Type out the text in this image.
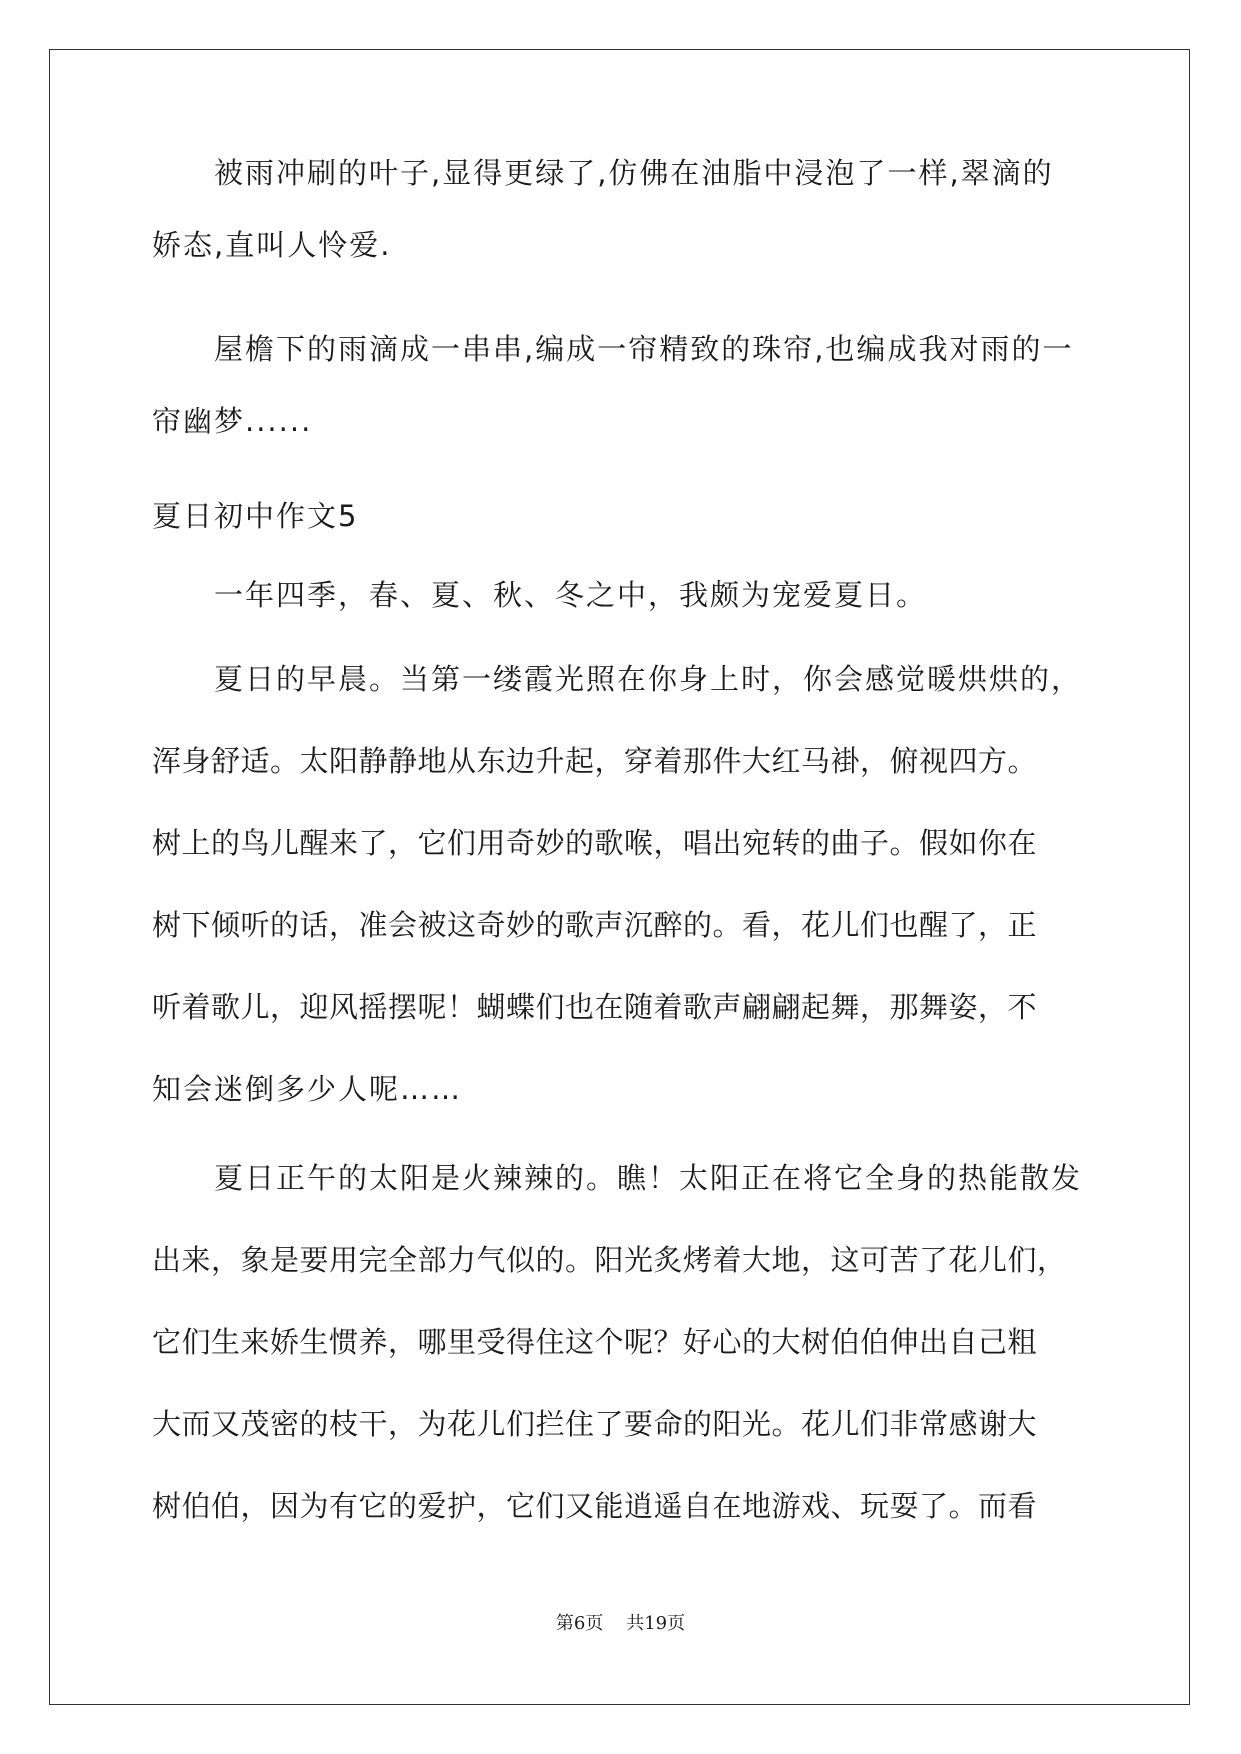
被雨冲刷的叶子,显得更绿了,仿佛在油脂中浸泡了一样,翠滴的

娇态,直叫人怜爱.

屋檐下的雨滴成一串串,编成一帘精致的珠帘,也编成我对雨的一

帘幽梦......

夏日初中作文5

一年四季，春、夏、秋、冬之中，我颇为宠爱夏日。

夏日的早晨。当第一缕霞光照在你身上时，你会感觉暖烘烘的，

浑身舒适。太阳静静地从东边升起，穿着那件大红马褂，俯视四方。

树上的鸟儿醒来了，它们用奇妙的歌喉，唱出宛转的曲子。假如你在

树下倾听的话，准会被这奇妙的歌声沉醉的。看，花儿们也醒了，正

听着歌儿，迎风摇摆呢！蝴蝶们也在随着歌声翩翩起舞，那舞姿，不

知会迷倒多少人呢……

夏日正午的太阳是火辣辣的。瞧！太阳正在将它全身的热能散发

出来，象是要用完全部力气似的。阳光炙烤着大地，这可苦了花儿们，

它们生来娇生惯养，哪里受得住这个呢？好心的大树伯伯伸出自己粗

大而又茂密的枝干，为花儿们拦住了要命的阳光。花儿们非常感谢大

树伯伯，因为有它的爱护，它们又能逍遥自在地游戏、玩耍了。而看

第6页 共19页
